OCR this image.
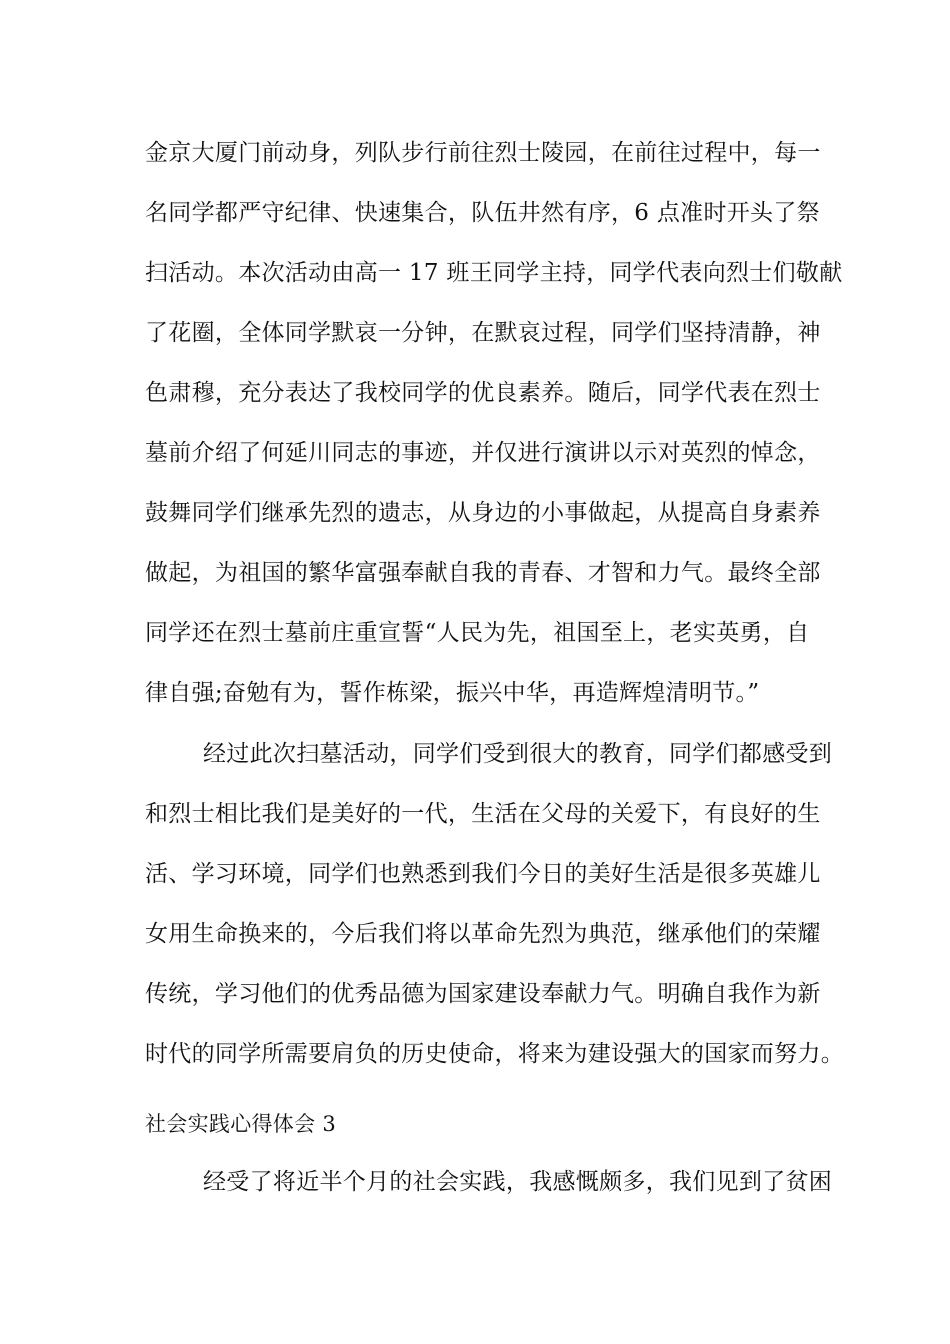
金京大厦门前动身，列队步行前往烈士陵园，在前往过程中，每一
名同学都严守纪律、快速集合，队伍井然有序，6 点准时开头了祭
扫活动。本次活动由高一 17 班王同学主持，同学代表向烈士们敬献
了花圈，全体同学默哀一分钟，在默哀过程，同学们坚持清静，神
色肃穆，充分表达了我校同学的优良素养。随后，同学代表在烈士
墓前介绍了何延川同志的事迹，并仅进行演讲以示对英烈的悼念，
鼓舞同学们继承先烈的遗志，从身边的小事做起，从提高自身素养
做起，为祖国的繁华富强奉献自我的青春、才智和力气。最终全部
同学还在烈士墓前庄重宣誓“人民为先，祖国至上，老实英勇，自
律自强;奋勉有为，誓作栋梁，振兴中华，再造辉煌清明节。”
经过此次扫墓活动，同学们受到很大的教育，同学们都感受到
和烈士相比我们是美好的一代，生活在父母的关爱下，有良好的生
活、学习环境，同学们也熟悉到我们今日的美好生活是很多英雄儿
女用生命换来的，今后我们将以革命先烈为典范，继承他们的荣耀
传统，学习他们的优秀品德为国家建设奉献力气。明确自我作为新
时代的同学所需要肩负的历史使命，将来为建设强大的国家而努力。
社会实践心得体会 3
经受了将近半个月的社会实践，我感慨颇多，我们见到了贫困
